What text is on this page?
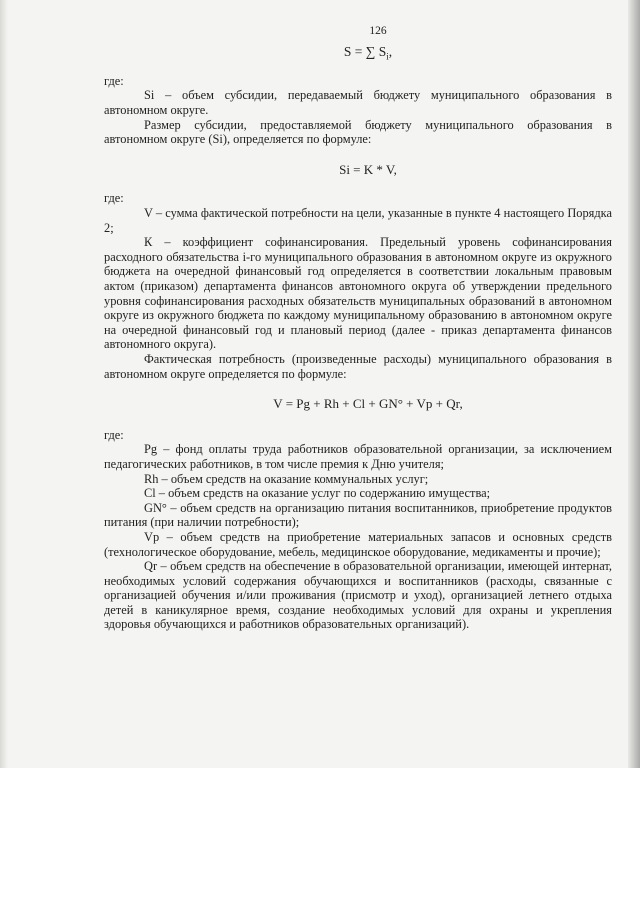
126
S = ∑ $S_i$,
где:

Si – объем субсидии, передаваемый бюджету муниципального образования в автономном округе.

Размер субсидии, предоставляемой бюджету муниципального образования в автономном округе (Si), определяется по формуле:

Si = K * V,
где:

V – сумма фактической потребности на цели, указанные в пункте 4 настоящего Порядка 2;

К – коэффициент софинансирования. Предельный уровень софинансирования расходного обязательства i-го муниципального образования в автономном округе из окружного бюджета на очередной финансовый год определяется в соответствии локальным правовым актом (приказом) департамента финансов автономного округа об утверждении предельного уровня софинансирования расходных обязательств муниципальных образований в автономном округе из окружного бюджета по каждому муниципальному образованию в автономном округе на очередной финансовый год и плановый период (далее - приказ департамента финансов автономного округа).

Фактическая потребность (произведенные расходы) муниципального образования в автономном округе определяется по формуле:

V = Pg + Rh + Cl + GN° + Vp + Qr,
где:

Pg – фонд оплаты труда работников образовательной организации, за исключением педагогических работников, в том числе премия к Дню учителя;

Rh – объем средств на оказание коммунальных услуг;

Cl – объем средств на оказание услуг по содержанию имущества;

GN° – объем средств на организацию питания воспитанников, приобретение продуктов питания (при наличии потребности);

Vp – объем средств на приобретение материальных запасов и основных средств (технологическое оборудование, мебель, медицинское оборудование, медикаменты и прочие);

Qr – объем средств на обеспечение в образовательной организации, имеющей интернат, необходимых условий содержания обучающихся и воспитанников (расходы, связанные с организацией обучения и/или проживания (присмотр и уход), организацией летнего отдыха детей в каникулярное время, создание необходимых условий для охраны и укрепления здоровья обучающихся и работников образовательных организаций).
